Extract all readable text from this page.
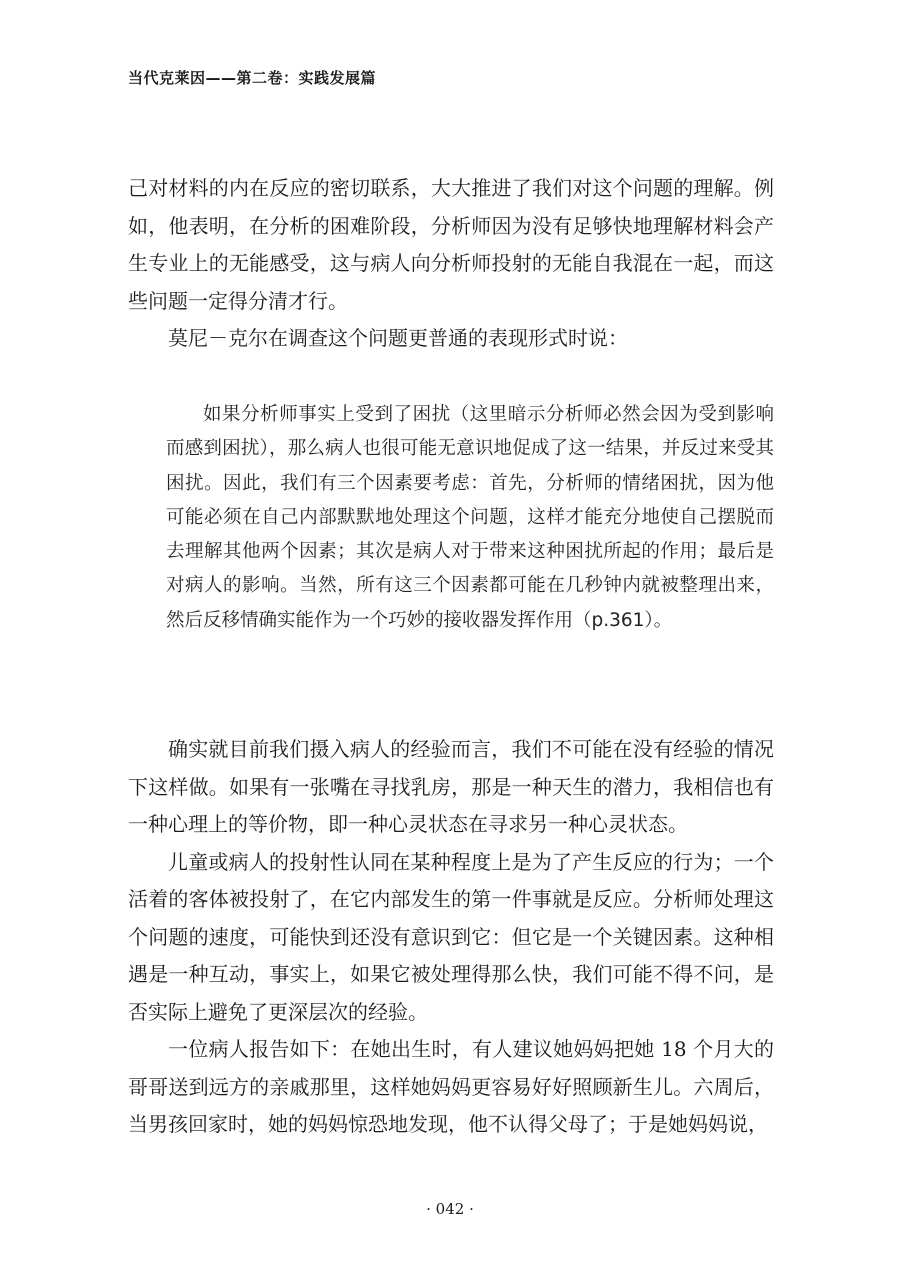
当代克莱因——第二卷：实践发展篇

己对材料的内在反应的密切联系，大大推进了我们对这个问题的理解。例如，他表明，在分析的困难阶段，分析师因为没有足够快地理解材料会产生专业上的无能感受，这与病人向分析师投射的无能自我混在一起，而这些问题一定得分清才行。

莫尼－克尔在调查这个问题更普通的表现形式时说：

如果分析师事实上受到了困扰（这里暗示分析师必然会因为受到影响而感到困扰），那么病人也很可能无意识地促成了这一结果，并反过来受其困扰。因此，我们有三个因素要考虑：首先，分析师的情绪困扰，因为他可能必须在自己内部默默地处理这个问题，这样才能充分地使自己摆脱而去理解其他两个因素；其次是病人对于带来这种困扰所起的作用；最后是对病人的影响。当然，所有这三个因素都可能在几秒钟内就被整理出来，然后反移情确实能作为一个巧妙的接收器发挥作用（p.361）。

确实就目前我们摄入病人的经验而言，我们不可能在没有经验的情况下这样做。如果有一张嘴在寻找乳房，那是一种天生的潜力，我相信也有一种心理上的等价物，即一种心灵状态在寻求另一种心灵状态。

儿童或病人的投射性认同在某种程度上是为了产生反应的行为；一个活着的客体被投射了，在它内部发生的第一件事就是反应。分析师处理这个问题的速度，可能快到还没有意识到它：但它是一个关键因素。这种相遇是一种互动，事实上，如果它被处理得那么快，我们可能不得不问，是否实际上避免了更深层次的经验。

一位病人报告如下：在她出生时，有人建议她妈妈把她 18 个月大的哥哥送到远方的亲戚那里，这样她妈妈更容易好好照顾新生儿。六周后，当男孩回家时，她的妈妈惊恐地发现，他不认得父母了；于是她妈妈说，

· 042 ·
